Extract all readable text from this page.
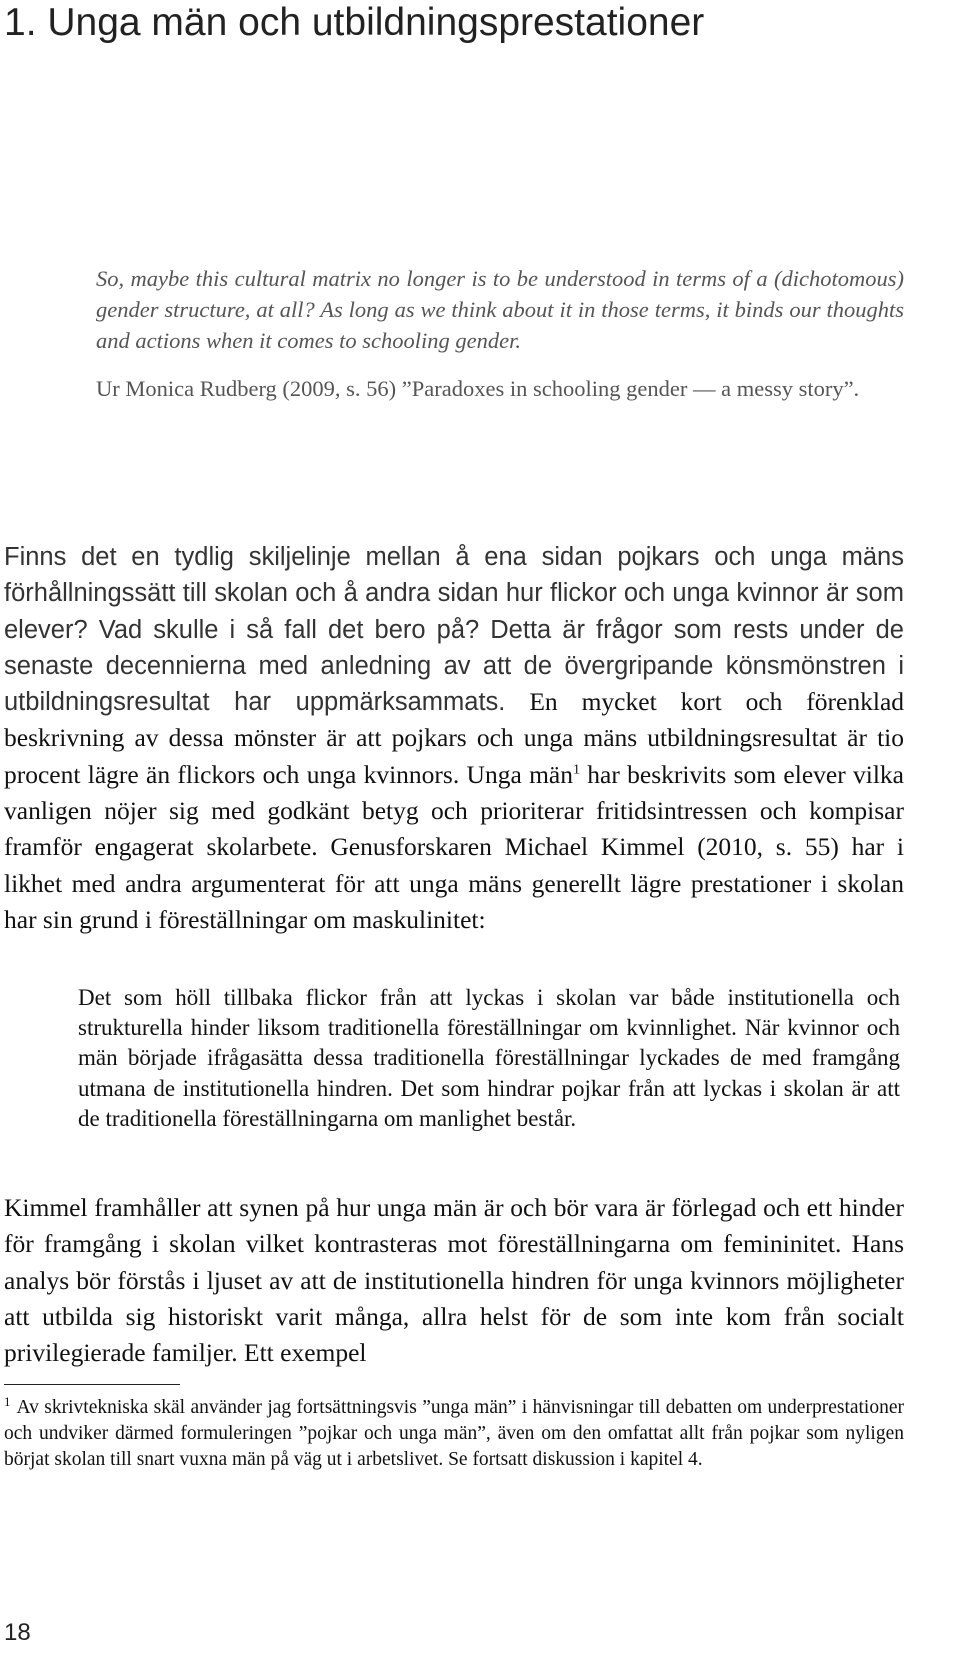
1. Unga män och utbildningsprestationer

So, maybe this cultural matrix no longer is to be understood in terms of a (dichotomous) gender structure, at all? As long as we think about it in those terms, it binds our thoughts and actions when it comes to schooling gender.

Ur Monica Rudberg (2009, s. 56) ”Paradoxes in schooling gender — a messy story”.

Finns det en tydlig skiljelinje mellan å ena sidan pojkars och unga mäns förhållningssätt till skolan och å andra sidan hur flickor och unga kvinnor är som elever? Vad skulle i så fall det bero på? Detta är frågor som rests under de senaste decennierna med anledning av att de övergripande könsmönstren i utbildningsresultat har uppmärksammats. En mycket kort och förenklad beskrivning av dessa mönster är att pojkars och unga mäns utbildningsresultat är tio procent lägre än flickors och unga kvinnors. Unga män$^1$ har beskrivits som elever vilka vanligen nöjer sig med godkänt betyg och prioriterar fritidsintressen och kompisar framför engagerat skolarbete. Genusforskaren Michael Kimmel (2010, s. 55) har i likhet med andra argumenterat för att unga mäns generellt lägre prestationer i skolan har sin grund i föreställningar om maskulinitet:

Det som höll tillbaka flickor från att lyckas i skolan var både institutionella och strukturella hinder liksom traditionella föreställningar om kvinnlighet. När kvinnor och män började ifrågasätta dessa traditionella föreställningar lyckades de med framgång utmana de institutionella hindren. Det som hindrar pojkar från att lyckas i skolan är att de traditionella föreställningarna om manlighet består.

Kimmel framhåller att synen på hur unga män är och bör vara är förlegad och ett hinder för framgång i skolan vilket kontrasteras mot föreställningarna om femininitet. Hans analys bör förstås i ljuset av att de institutionella hindren för unga kvinnors möjligheter att utbilda sig historiskt varit många, allra helst för de som inte kom från socialt privilegierade familjer. Ett exempel

$^1$ Av skrivtekniska skäl använder jag fortsättningsvis ”unga män” i hänvisningar till debatten om underprestationer och undviker därmed formuleringen ”pojkar och unga män”, även om den omfattat allt från pojkar som nyligen börjat skolan till snart vuxna män på väg ut i arbetslivet. Se fortsatt diskussion i kapitel 4.

18
